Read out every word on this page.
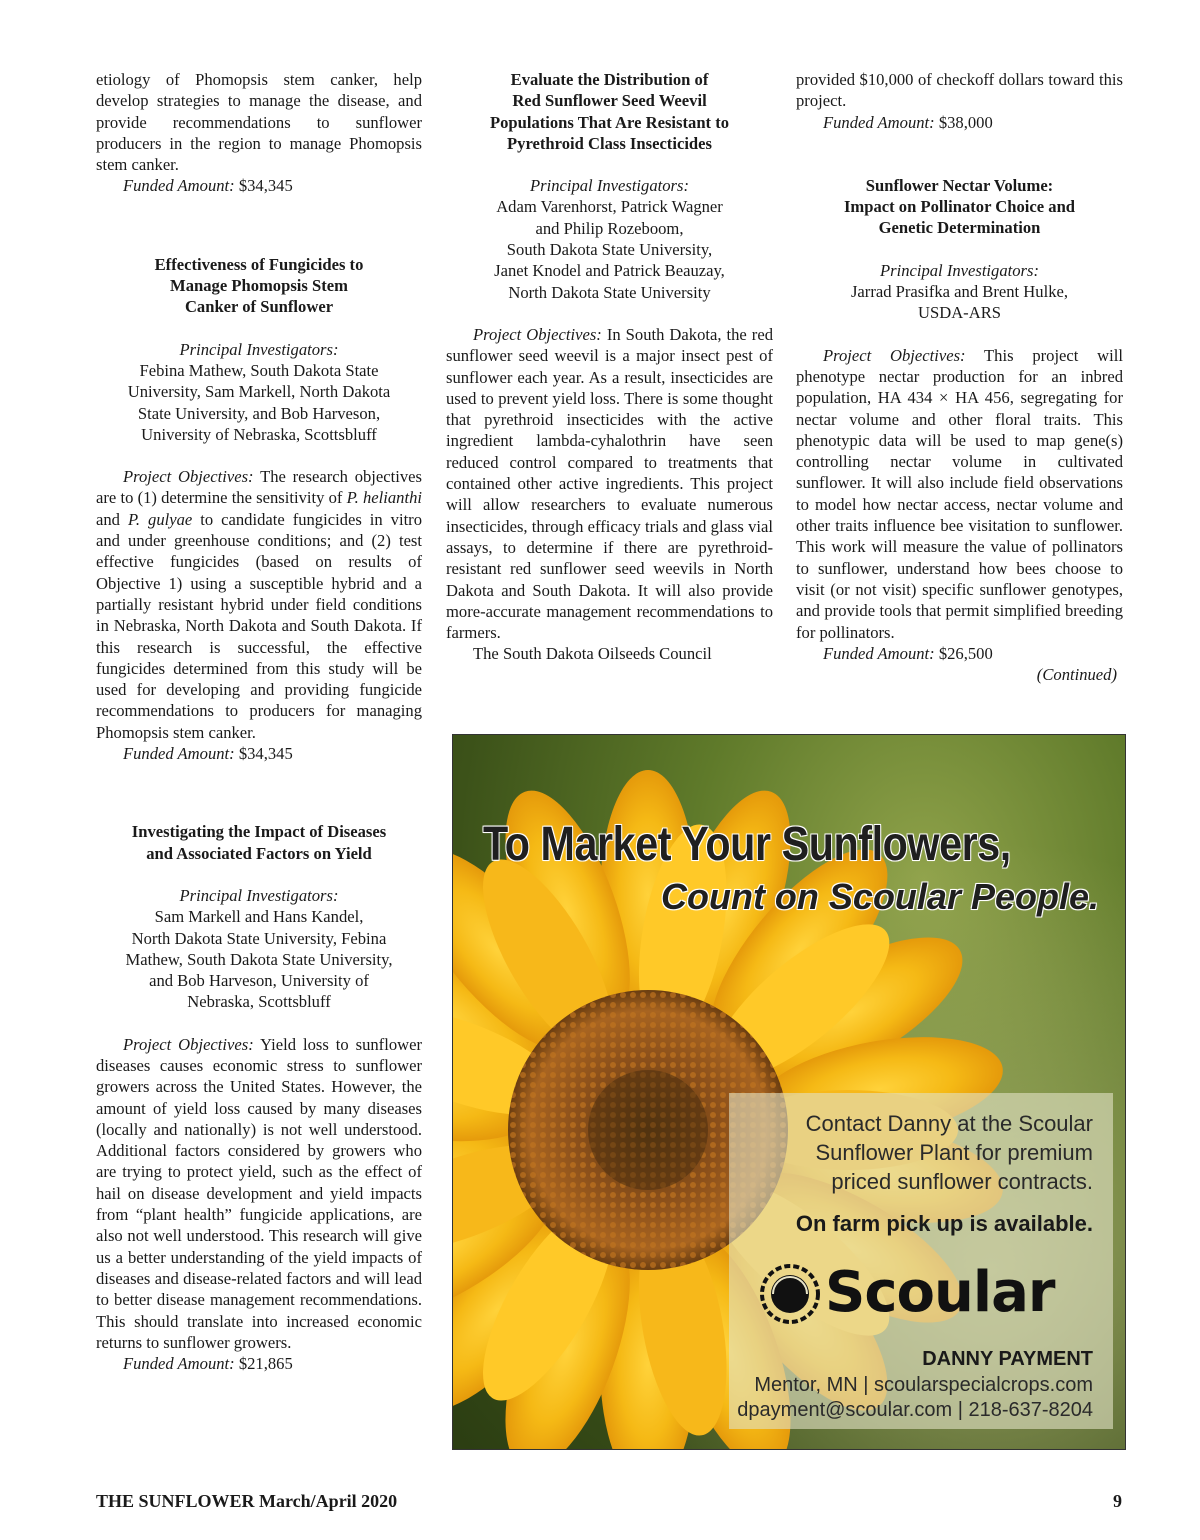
etiology of Phomopsis stem canker, help develop strategies to manage the disease, and provide recommendations to sunflower producers in the region to manage Phomopsis stem canker.

Funded Amount: $34,345

Effectiveness of Fungicides to
Manage Phomopsis Stem
Canker of Sunflower

Principal Investigators:

Febina Mathew, South Dakota State
University, Sam Markell, North Dakota
State University, and Bob Harveson,
University of Nebraska, Scottsbluff

Project Objectives: The research objectives are to (1) determine the sensitivity of P. helianthi and P. gulyae to candidate fungicides in vitro and under greenhouse conditions; and (2) test effective fungicides (based on results of Objective 1) using a susceptible hybrid and a partially resistant hybrid under field conditions in Nebraska, North Dakota and South Dakota. If this research is successful, the effective fungicides determined from this study will be used for developing and providing fungicide recommendations to producers for managing Phomopsis stem canker.

Funded Amount: $34,345

Investigating the Impact of Diseases
and Associated Factors on Yield

Principal Investigators:

Sam Markell and Hans Kandel,
North Dakota State University, Febina
Mathew, South Dakota State University,
and Bob Harveson, University of
Nebraska, Scottsbluff

Project Objectives: Yield loss to sunflower diseases causes economic stress to sunflower growers across the United States. However, the amount of yield loss caused by many diseases (locally and nationally) is not well understood. Additional factors considered by growers who are trying to protect yield, such as the effect of hail on disease development and yield impacts from “plant health” fungicide applications, are also not well understood. This research will give us a better understanding of the yield impacts of diseases and disease-related factors and will lead to better disease management recommendations. This should translate into increased economic returns to sunflower growers.

Funded Amount: $21,865

Evaluate the Distribution of
Red Sunflower Seed Weevil
Populations That Are Resistant to
Pyrethroid Class Insecticides

Principal Investigators:

Adam Varenhorst, Patrick Wagner
and Philip Rozeboom,
South Dakota State University,
Janet Knodel and Patrick Beauzay,
North Dakota State University

Project Objectives: In South Dakota, the red sunflower seed weevil is a major insect pest of sunflower each year. As a result, insecticides are used to prevent yield loss. There is some thought that pyrethroid insecticides with the active ingredient lambda-cyhalothrin have seen reduced control compared to treatments that contained other active ingredients. This project will allow researchers to evaluate numerous insecticides, through efficacy trials and glass vial assays, to determine if there are pyrethroid-resistant red sunflower seed weevils in North Dakota and South Dakota. It will also provide more-accurate management recommendations to farmers.

The South Dakota Oilseeds Council

provided $10,000 of checkoff dollars toward this project.

Funded Amount: $38,000

Sunflower Nectar Volume:
Impact on Pollinator Choice and
Genetic Determination

Principal Investigators:

Jarrad Prasifka and Brent Hulke,
USDA-ARS

Project Objectives: This project will phenotype nectar production for an inbred population, HA 434 × HA 456, segregating for nectar volume and other floral traits. This phenotypic data will be used to map gene(s) controlling nectar volume in cultivated sunflower. It will also include field observations to model how nectar access, nectar volume and other traits influence bee visitation to sunflower. This work will measure the value of pollinators to sunflower, understand how bees choose to visit (or not visit) specific sunflower genotypes, and provide tools that permit simplified breeding for pollinators.

Funded Amount: $26,500

(Continued)

To Market Your Sunflowers,
Count on Scoular People.
Contact Danny at the Scoular
Sunflower Plant for premium
priced sunflower contracts.
On farm pick up is available.
Scoular
DANNY PAYMENT
Mentor, MN | scoularspecialcrops.com
dpayment@scoular.com | 218-637-8204
THE SUNFLOWER March/April 2020	9
